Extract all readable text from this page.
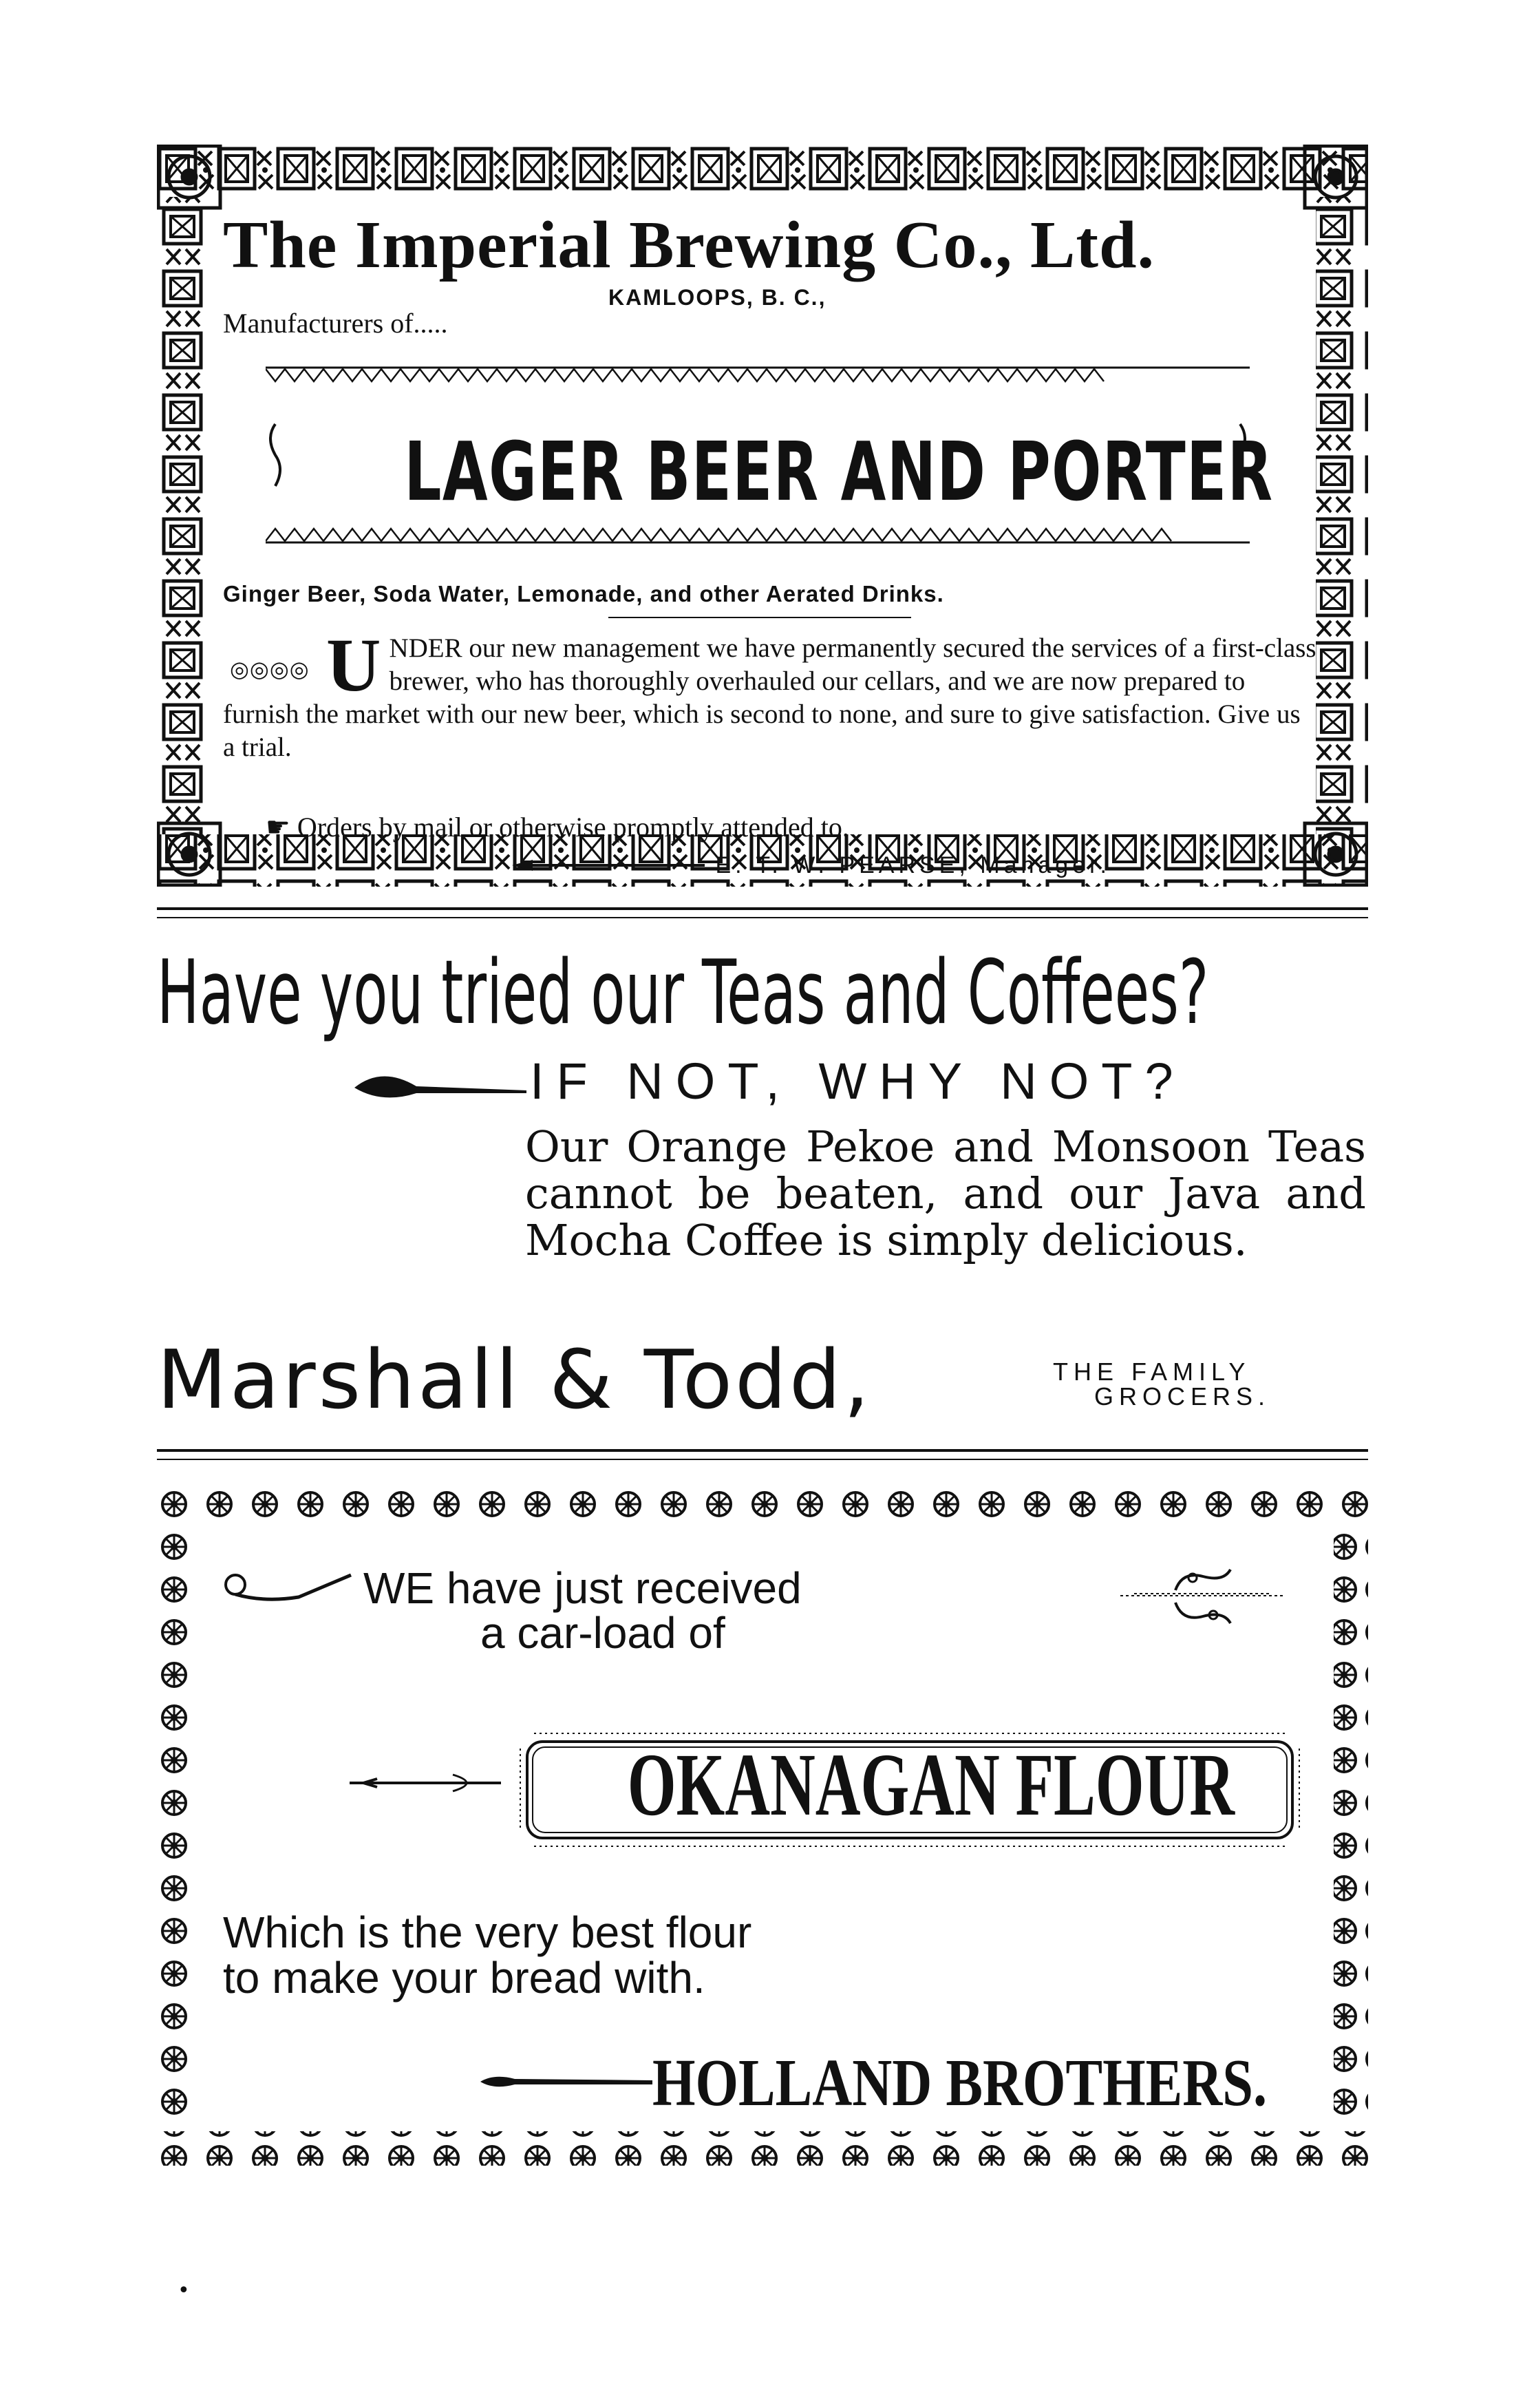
The Imperial Brewing Co., Ltd.
KAMLOOPS, B. C.,
Manufacturers of.....
LAGER BEER AND PORTER
Ginger Beer, Soda Water, Lemonade, and other Aerated Drinks.
◎◎◎◎ U NDER our new management we have permanently secured the services of a first-class brewer, who has thoroughly overhauled our cellars, and we are now prepared to furnish the market with our new beer, which is second to none, and sure to give satisfaction. Give us a trial.
☛ Orders by mail or otherwise promptly attended to.
E. T. W. PEARSE, Manager.
Have you tried our Teas and Coffees?
IF NOT, WHY NOT?
Our Orange Pekoe and Monsoon Teas cannot be beaten, and our Java and Mocha Coffee is simply delicious.
Marshall & Todd,	THE FAMILY
GROCERS.
WE have just received
a car-load of
OKANAGAN FLOUR
Which is the very best flour
to make your bread with.
HOLLAND BROTHERS.
•
